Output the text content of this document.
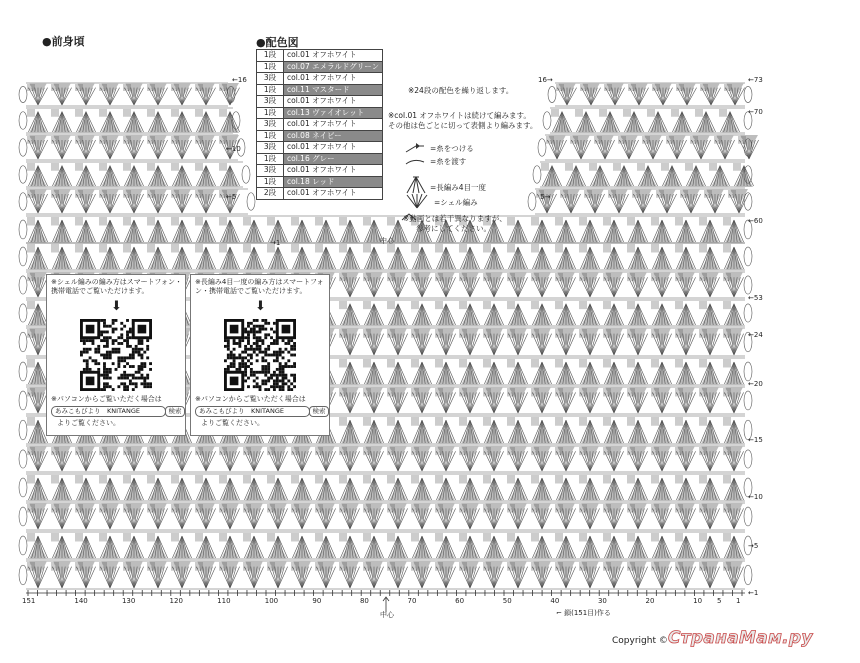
●前身頃	●配色図
1段	col.01 オフホワイト
1段	col.07 エメラルドグリーン
3段	col.01 オフホワイト
1段	col.11 マスタード
3段	col.01 オフホワイト
1段	col.13 ヴァイオレット
3段	col.01 オフホワイト
1段	col.08 ネイビー
3段	col.01 オフホワイト
1段	col.16 グレー
3段	col.01 オフホワイト
1段	col.18 レッド
2段	col.01 オフホワイト
※24段の配色を繰り返します。
※col.01 オフホワイトは続けて編みます。
その他は色ごとに切って表側より編みます。
=糸をつける
=糸を渡す
=長編み4目一度
=シェル編み
※動画とは若干異なりますが、
参考にしてください。
中心
中心
※シェル編みの編み方はスマートフォン・携帯電話でご覧いただけます。
⬇
※パソコンからご覧いただく場合は
あみこもびより　KNITANGE	検索
よりご覧ください。
※長編み4目一度の編み方はスマートフォン・携帯電話でご覧いただけます。
⬇
※パソコンからご覧いただく場合は
あみこもびより　KNITANGE	検索
よりご覧ください。
←16
←10
←5
→1
16→	←73
←70
5→
←60
←53
←24
←20
←15
←10
→5
←1
151	140	130	120	110	100	90	80	70	60	50	40	30	20	10 5 1
⌐ 鎖(151目)作る
Copyright © СтранаМам.ру
